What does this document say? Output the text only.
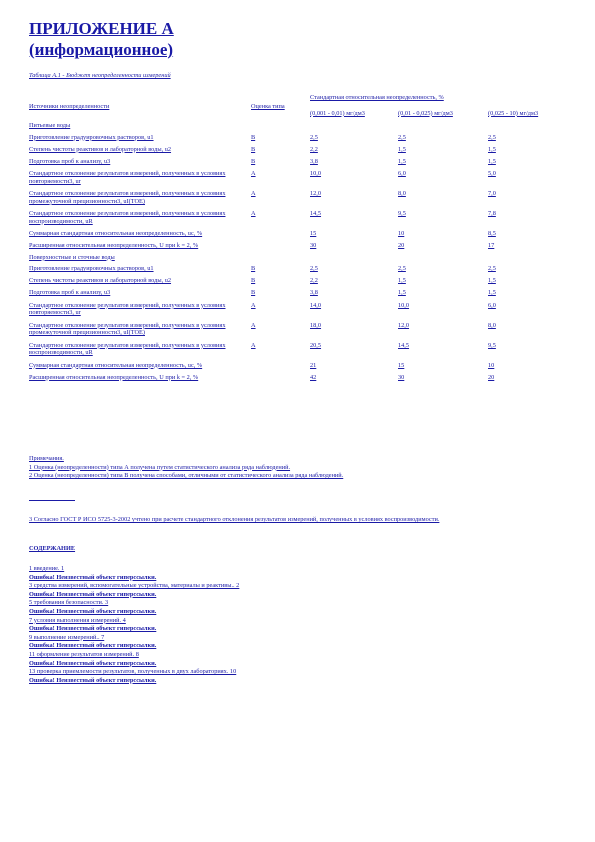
ПРИЛОЖЕНИЕ А
(информационное)
Таблица А.1 - Бюджет неопределенности измерений
Источники неопределенности	Оценка типа	Стандартная относительная неопределенность, %		
		(0,001 - 0,01) мг/дм3	(0,01 - 0,025) мг/дм3	(0,025 - 10) мг/дм3
Питьевые воды				
Приготовление градуировочных растворов, u1	В	2,5	2,5	2,5
Степень чистоты реактивов и лабораторной воды, u2	В	2,2	1,5	1,5
Подготовка проб к анализу, u3	В	3,8	1,5	1,5
Стандартное отклонение результатов измерений, полученных в условиях повторяемости3, ur	А	10,0	6,0	5,0
Стандартное отклонение результатов измерений, полученных в условиях промежуточной прецизионности3, uI(TOE)	А	12,0	8,0	7,0
Стандартное отклонение результатов измерений, полученных в условиях воспроизводимости, uR	А	14,5	9,5	7,8
Суммарная стандартная относительная неопределенность, uc, %		15	10	8,5
Расширенная относительная неопределенность, U при k = 2, %		30	20	17
Поверхностные и сточные воды				
Приготовление градуировочных растворов, u1	В	2,5	2,5	2,5
Степень чистоты реактивов и лабораторной воды, u2	В	2,2	1,5	1,5
Подготовка проб к анализу, u3	В	3,8	1,5	1,5
Стандартное отклонение результатов измерений, полученных в условиях повторяемости3, ur	А	14,0	10,0	6,0
Стандартное отклонение результатов измерений, полученных в условиях промежуточной прецизионности3, uI(TOE)	А	18,0	12,0	8,0
Стандартное отклонение результатов измерений, полученных в условиях воспроизводимости, uR	А	20,5	14,5	9,5
Суммарная стандартная относительная неопределенность, uc, %		21	15	10
Расширенная относительная неопределенность, U при k = 2, %		42	30	20
Примечания.
1 Оценка (неопределенности) типа А получена путем статистического анализа ряда наблюдений.
2 Оценка (неопределенности) типа В получена способами, отличными от статистического анализа ряда наблюдений.
3 Согласно ГОСТ Р ИСО 5725-3-2002 учтено при расчете стандартного отклонения результатов измерений, полученных в условиях воспроизводимости.
СОДЕРЖАНИЕ
1 введение. 1
Ошибка! Неизвестный объект гиперссылки.
3 средства измерений, вспомогательные устройства, материалы и реактивы.. 2
Ошибка! Неизвестный объект гиперссылки.
5 требования безопасности. 3
Ошибка! Неизвестный объект гиперссылки.
7 условия выполнения измерений. 4
Ошибка! Неизвестный объект гиперссылки.
9 выполнение измерений.. 7
Ошибка! Неизвестный объект гиперссылки.
11 оформление результатов измерений. 8
Ошибка! Неизвестный объект гиперссылки.
13 проверка приемлемости результатов, полученных в двух лабораториях. 10
Ошибка! Неизвестный объект гиперссылки.
